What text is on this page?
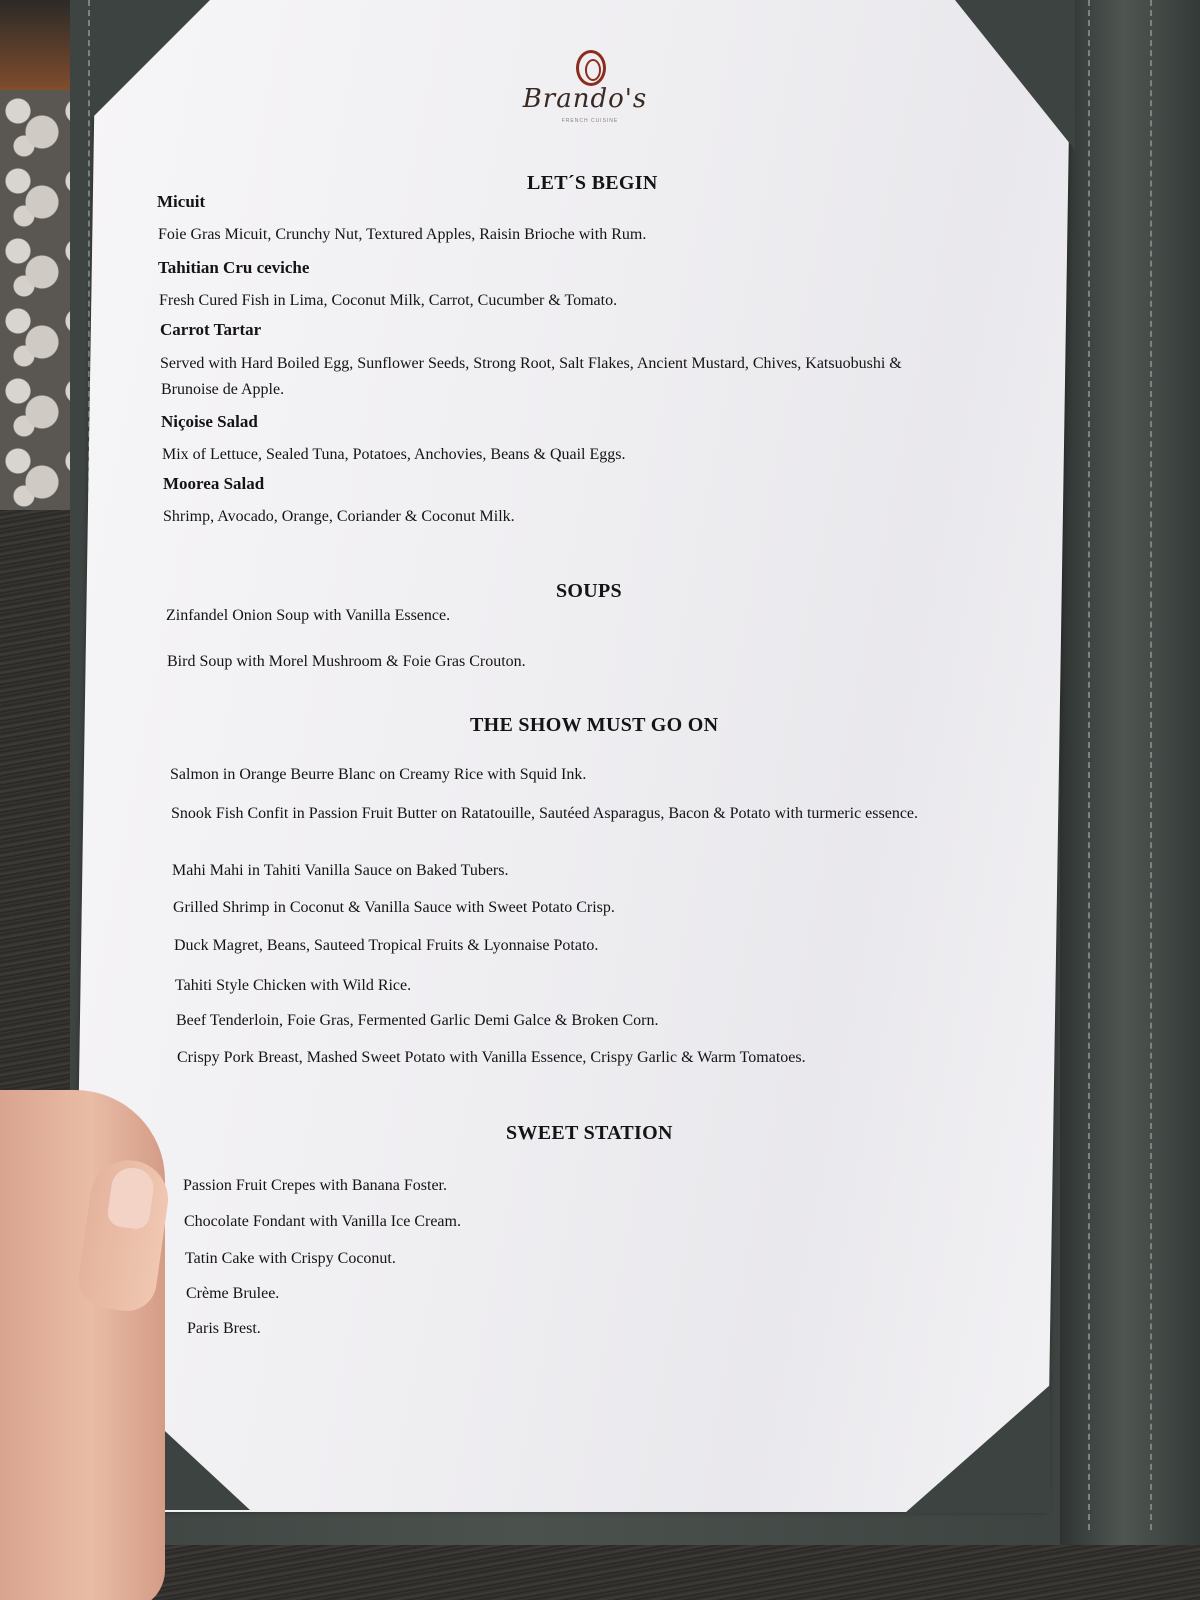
Brando's
FRENCH CUISINE
LET´S BEGIN
Micuit
Foie Gras Micuit, Crunchy Nut, Textured Apples, Raisin Brioche with Rum.
Tahitian Cru ceviche
Fresh Cured Fish in Lima, Coconut Milk, Carrot, Cucumber & Tomato.
Carrot Tartar
Served with Hard Boiled Egg, Sunflower Seeds, Strong Root, Salt Flakes, Ancient Mustard, Chives, Katsuobushi &
Brunoise de Apple.
Niçoise Salad
Mix of Lettuce, Sealed Tuna, Potatoes, Anchovies, Beans & Quail Eggs.
Moorea Salad
Shrimp, Avocado, Orange, Coriander & Coconut Milk.
SOUPS
Zinfandel Onion Soup with Vanilla Essence.
Bird Soup with Morel Mushroom & Foie Gras Crouton.
THE SHOW MUST GO ON
Salmon in Orange Beurre Blanc on Creamy Rice with Squid Ink.
Snook Fish Confit in Passion Fruit Butter on Ratatouille, Sautéed Asparagus, Bacon & Potato with turmeric essence.
Mahi Mahi in Tahiti Vanilla Sauce on Baked Tubers.
Grilled Shrimp in Coconut & Vanilla Sauce with Sweet Potato Crisp.
Duck Magret, Beans, Sauteed Tropical Fruits & Lyonnaise Potato.
Tahiti Style Chicken with Wild Rice.
Beef Tenderloin, Foie Gras, Fermented Garlic Demi Galce & Broken Corn.
Crispy Pork Breast, Mashed Sweet Potato with Vanilla Essence, Crispy Garlic & Warm Tomatoes.
SWEET STATION
Passion Fruit Crepes with Banana Foster.
Chocolate Fondant with Vanilla Ice Cream.
Tatin Cake with Crispy Coconut.
Crème Brulee.
Paris Brest.
